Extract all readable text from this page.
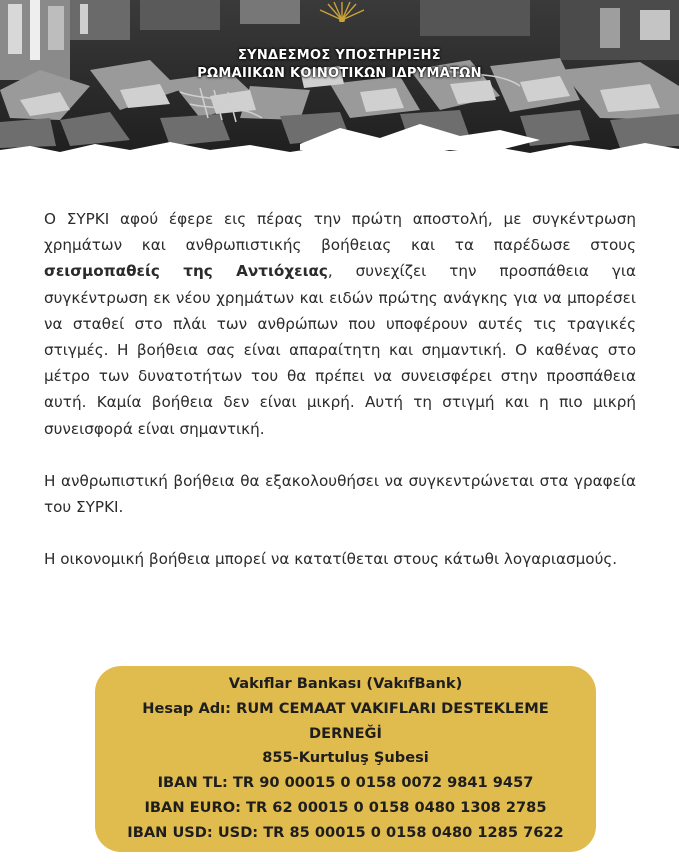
ΣΥΝΔΕΣΜΟΣ ΥΠΟΣΤΗΡΙΞΗΣ
ΡΩΜΑΙΙΚΩΝ ΚΟΙΝΟΤΙΚΩΝ ΙΔΡΥΜΑΤΩΝ

Ο ΣΥΡΚΙ αφού έφερε εις πέρας την πρώτη αποστολή, με συγκέντρωση χρημάτων και ανθρωπιστικής βοήθειας και τα παρέδωσε στους σεισμοπαθείς της Αντιόχειας, συνεχίζει την προσπάθεια για συγκέντρωση εκ νέου χρημάτων και ειδών πρώτης ανάγκης για να μπορέσει να σταθεί στο πλάι των ανθρώπων που υποφέρουν αυτές τις τραγικές στιγμές. Η βοήθεια σας είναι απαραίτητη και σημαντική. Ο καθένας στο μέτρο των δυνατοτήτων του θα πρέπει να συνεισφέρει στην προσπάθεια αυτή. Καμία βοήθεια δεν είναι μικρή. Αυτή τη στιγμή και η πιο μικρή συνεισφορά είναι σημαντική.

Η ανθρωπιστική βοήθεια θα εξακολουθήσει να συγκεντρώνεται στα γραφεία του ΣΥΡΚΙ.

Η οικονομική βοήθεια μπορεί να κατατίθεται στους κάτωθι λογαριασμούς.

Vakıflar Bankası (VakıfBank)
Hesap Adı: RUM CEMAAT VAKIFLARI DESTEKLEME
DERNEĞİ
855-Kurtuluş Şubesi
IBAN TL: TR 90 00015 0 0158 0072 9841 9457
IBAN EURO: TR 62 00015 0 0158 0480 1308 2785
IBAN USD: USD: TR 85 00015 0 0158 0480 1285 7622
